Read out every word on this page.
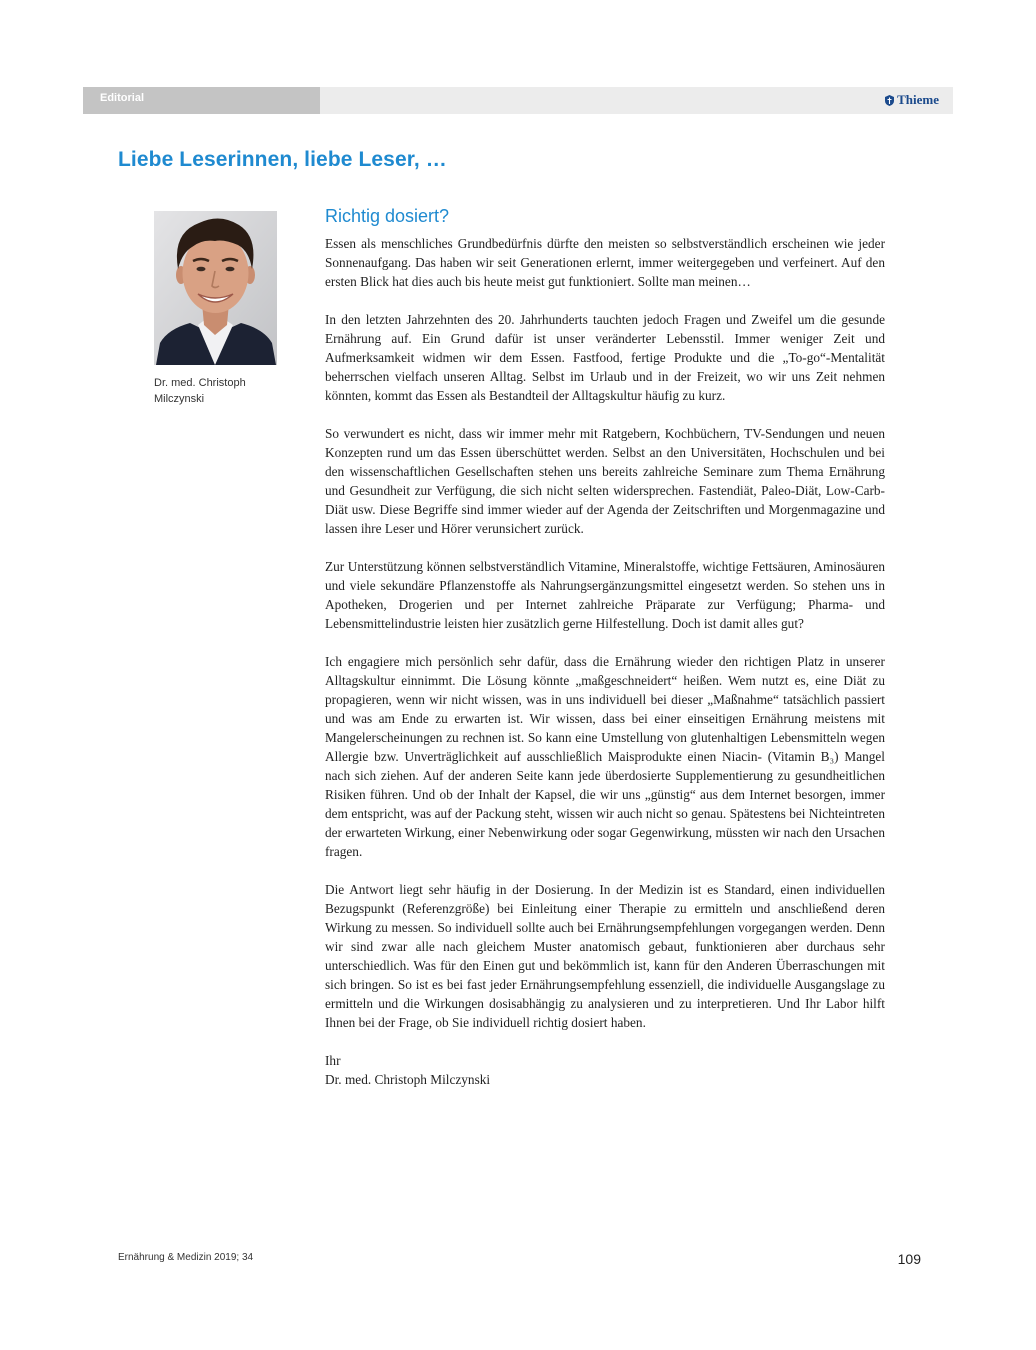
Editorial	Thieme
Liebe Leserinnen, liebe Leser, …
Dr. med. Christoph Milczynski
Richtig dosiert?

Essen als menschliches Grundbedürfnis dürfte den meisten so selbstverständlich erscheinen wie jeder Sonnenaufgang. Das haben wir seit Generationen erlernt, immer weitergegeben und verfeinert. Auf den ersten Blick hat dies auch bis heute meist gut funktioniert. Sollte man meinen…

In den letzten Jahrzehnten des 20. Jahrhunderts tauchten jedoch Fragen und Zweifel um die gesunde Ernährung auf. Ein Grund dafür ist unser veränderter Lebensstil. Immer weniger Zeit und Aufmerksamkeit widmen wir dem Essen. Fastfood, fertige Produkte und die „To-go“-Mentalität beherrschen vielfach unseren Alltag. Selbst im Urlaub und in der Freizeit, wo wir uns Zeit nehmen könnten, kommt das Essen als Bestandteil der Alltagskultur häufig zu kurz.

So verwundert es nicht, dass wir immer mehr mit Ratgebern, Kochbüchern, TV-Sendungen und neuen Konzepten rund um das Essen überschüttet werden. Selbst an den Universitäten, Hochschulen und bei den wissenschaftlichen Gesellschaften stehen uns bereits zahlreiche Seminare zum Thema Ernährung und Gesundheit zur Verfügung, die sich nicht selten widersprechen. Fastendiät, Paleo-Diät, Low-Carb-Diät usw. Diese Begriffe sind immer wieder auf der Agenda der Zeitschriften und Morgenmagazine und lassen ihre Leser und Hörer verunsichert zurück.

Zur Unterstützung können selbstverständlich Vitamine, Mineralstoffe, wichtige Fettsäuren, Aminosäuren und viele sekundäre Pflanzenstoffe als Nahrungsergänzungsmittel eingesetzt werden. So stehen uns in Apotheken, Drogerien und per Internet zahlreiche Präparate zur Verfügung; Pharma- und Lebensmittelindustrie leisten hier zusätzlich gerne Hilfestellung. Doch ist damit alles gut?

Ich engagiere mich persönlich sehr dafür, dass die Ernährung wieder den richtigen Platz in unserer Alltagskultur einnimmt. Die Lösung könnte „maßgeschneidert“ heißen. Wem nutzt es, eine Diät zu propagieren, wenn wir nicht wissen, was in uns individuell bei dieser „Maßnahme“ tatsächlich passiert und was am Ende zu erwarten ist. Wir wissen, dass bei einer einseitigen Ernährung meistens mit Mangelerscheinungen zu rechnen ist. So kann eine Umstellung von glutenhaltigen Lebensmitteln wegen Allergie bzw. Unverträglichkeit auf ausschließlich Maisprodukte einen Niacin- (Vitamin B₃) Mangel nach sich ziehen. Auf der anderen Seite kann jede überdosierte Supplementierung zu gesundheitlichen Risiken führen. Und ob der Inhalt der Kapsel, die wir uns „günstig“ aus dem Internet besorgen, immer dem entspricht, was auf der Packung steht, wissen wir auch nicht so genau. Spätestens bei Nichteintreten der erwarteten Wirkung, einer Nebenwirkung oder sogar Gegenwirkung, müssten wir nach den Ursachen fragen.

Die Antwort liegt sehr häufig in der Dosierung. In der Medizin ist es Standard, einen individuellen Bezugspunkt (Referenzgröße) bei Einleitung einer Therapie zu ermitteln und anschließend deren Wirkung zu messen. So individuell sollte auch bei Ernährungsempfehlungen vorgegangen werden. Denn wir sind zwar alle nach gleichem Muster anatomisch gebaut, funktionieren aber durchaus sehr unterschiedlich. Was für den Einen gut und bekömmlich ist, kann für den Anderen Überraschungen mit sich bringen. So ist es bei fast jeder Ernährungsempfehlung essenziell, die individuelle Ausgangslage zu ermitteln und die Wirkungen dosisabhängig zu analysieren und zu interpretieren. Und Ihr Labor hilft Ihnen bei der Frage, ob Sie individuell richtig dosiert haben.

Ihr

Dr. med. Christoph Milczynski

Ernährung & Medizin 2019; 34	109
